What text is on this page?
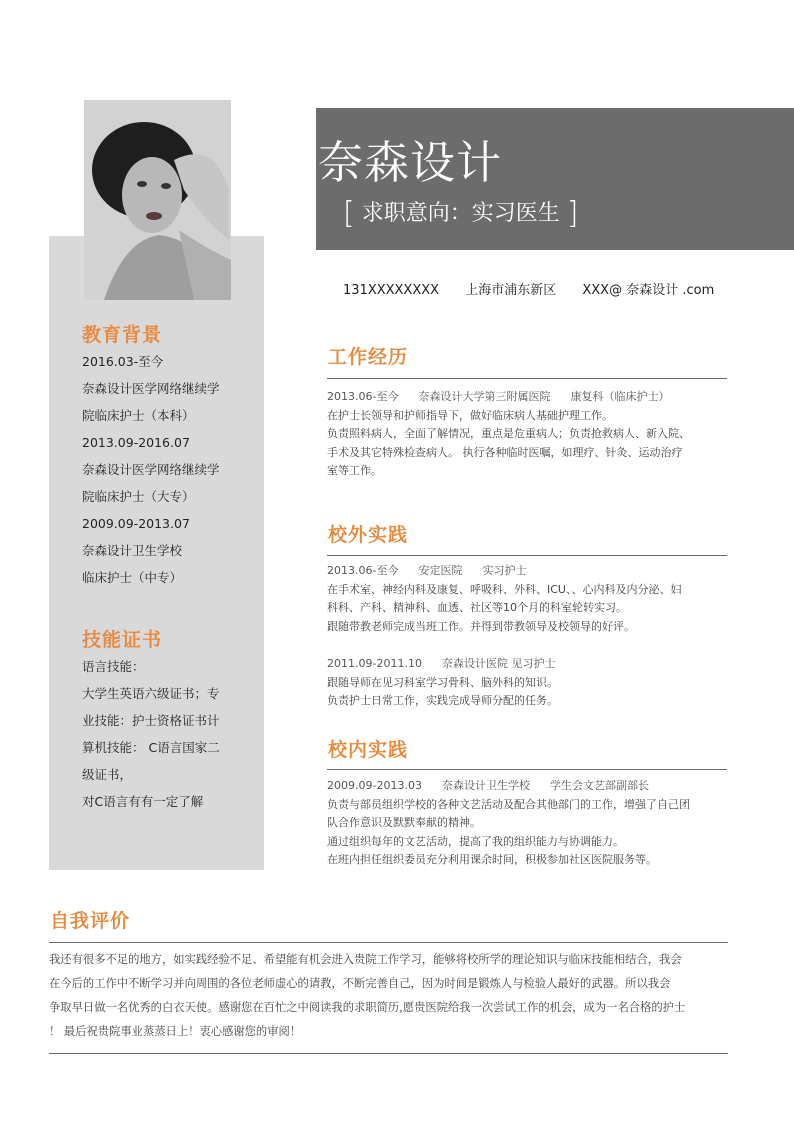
教育背景
2016.03-至今
奈森设计医学网络继续学
院临床护士（本科）
2013.09-2016.07
奈森设计医学网络继续学
院临床护士（大专）
2009.09-2013.07
奈森设计卫生学校
临床护士（中专）
技能证书
语言技能：
大学生英语六级证书；专
业技能：护士资格证书计
算机技能： C语言国家二
级证书，
对C语言有有一定了解
奈森设计
[ 求职意向：实习医生 ]
131XXXXXXXX 上海市浦东新区 XXX@ 奈森设计 .com
工作经历
2013.06-至今 奈森设计大学第三附属医院 康复科（临床护士）
在护士长领导和护师指导下，做好临床病人基础护理工作。
负责照料病人，全面了解情况，重点是危重病人；负责抢救病人、新入院、
手术及其它特殊检查病人。 执行各种临时医嘱，如理疗、针灸、运动治疗
室等工作。
校外实践
2013.06-至今 安定医院 实习护士
在手术室、神经内科及康复、呼吸科、外科、ICU、、心内科及内分泌、妇
科科、产科、精神科、血透、社区等10个月的科室轮转实习。
跟随带教老师完成当班工作。并得到带教领导及校领导的好评。
2011.09-2011.10 奈森设计医院 见习护士
跟随导师在见习科室学习骨科、脑外科的知识。
负责护士日常工作，实践完成导师分配的任务。
校内实践
2009.09-2013.03 奈森设计卫生学校 学生会文艺部副部长
负责与部员组织学校的各种文艺活动及配合其他部门的工作，增强了自己团
队合作意识及默默奉献的精神。
通过组织每年的文艺活动，提高了我的组织能力与协调能力。
在班内担任组织委员充分利用课余时间，积极参加社区医院服务等。
自我评价
我还有很多不足的地方，如实践经验不足、希望能有机会进入贵院工作学习，能够将校所学的理论知识与临床技能相结合，我会
在今后的工作中不断学习并向周围的各位老师虚心的请教，不断完善自己，因为时间是锻炼人与检验人最好的武器。所以我会
争取早日做一名优秀的白衣天使。感谢您在百忙之中阅读我的求职简历,愿贵医院给我一次尝试工作的机会，成为一名合格的护士
！ 最后祝贵院事业蒸蒸日上！衷心感谢您的审阅！
